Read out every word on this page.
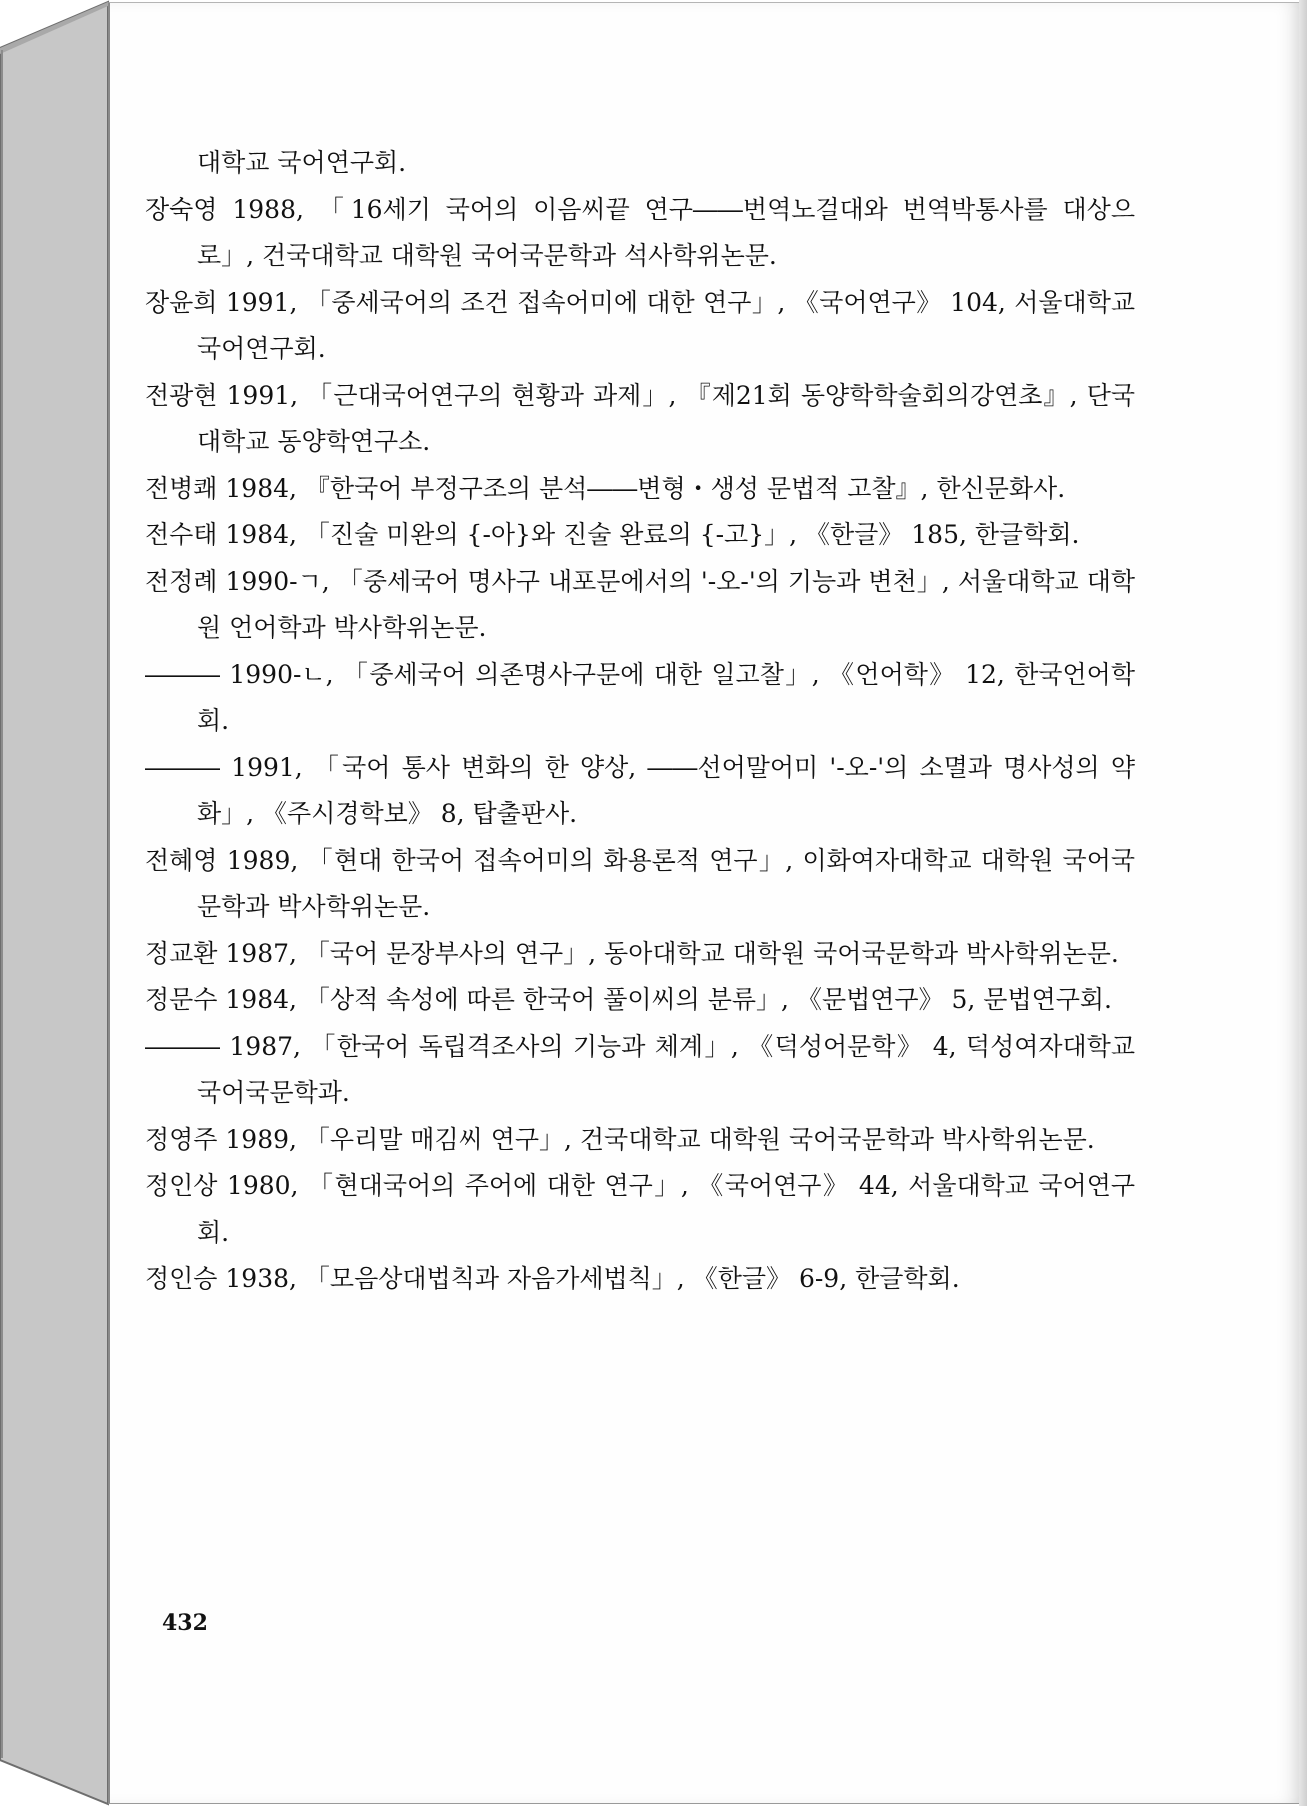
대학교 국어연구회.

장숙영 1988, 「16세기 국어의 이음씨끝 연구――번역노걸대와 번역박통사를 대상으로」, 건국대학교 대학원 국어국문학과 석사학위논문.

장윤희 1991, 「중세국어의 조건 접속어미에 대한 연구」, 《국어연구》 104, 서울대학교 국어연구회.

전광현 1991, 「근대국어연구의 현황과 과제」, 『제21회 동양학학술회의강연초』, 단국대학교 동양학연구소.

전병쾌 1984, 『한국어 부정구조의 분석――변형・생성 문법적 고찰』, 한신문화사.

전수태 1984, 「진술 미완의 {-아}와 진술 완료의 {-고}」, 《한글》 185, 한글학회.

전정례 1990-ㄱ, 「중세국어 명사구 내포문에서의 '-오-'의 기능과 변천」, 서울대학교 대학원 언어학과 박사학위논문.

――― 1990-ㄴ, 「중세국어 의존명사구문에 대한 일고찰」, 《언어학》 12, 한국언어학회.

――― 1991, 「국어 통사 변화의 한 양상, ――선어말어미 '-오-'의 소멸과 명사성의 약화」, 《주시경학보》 8, 탑출판사.

전혜영 1989, 「현대 한국어 접속어미의 화용론적 연구」, 이화여자대학교 대학원 국어국문학과 박사학위논문.

정교환 1987, 「국어 문장부사의 연구」, 동아대학교 대학원 국어국문학과 박사학위논문.

정문수 1984, 「상적 속성에 따른 한국어 풀이씨의 분류」, 《문법연구》 5, 문법연구회.

――― 1987, 「한국어 독립격조사의 기능과 체계」, 《덕성어문학》 4, 덕성여자대학교 국어국문학과.

정영주 1989, 「우리말 매김씨 연구」, 건국대학교 대학원 국어국문학과 박사학위논문.

정인상 1980, 「현대국어의 주어에 대한 연구」, 《국어연구》 44, 서울대학교 국어연구회.

정인승 1938, 「모음상대법칙과 자음가세법칙」, 《한글》 6-9, 한글학회.

432
